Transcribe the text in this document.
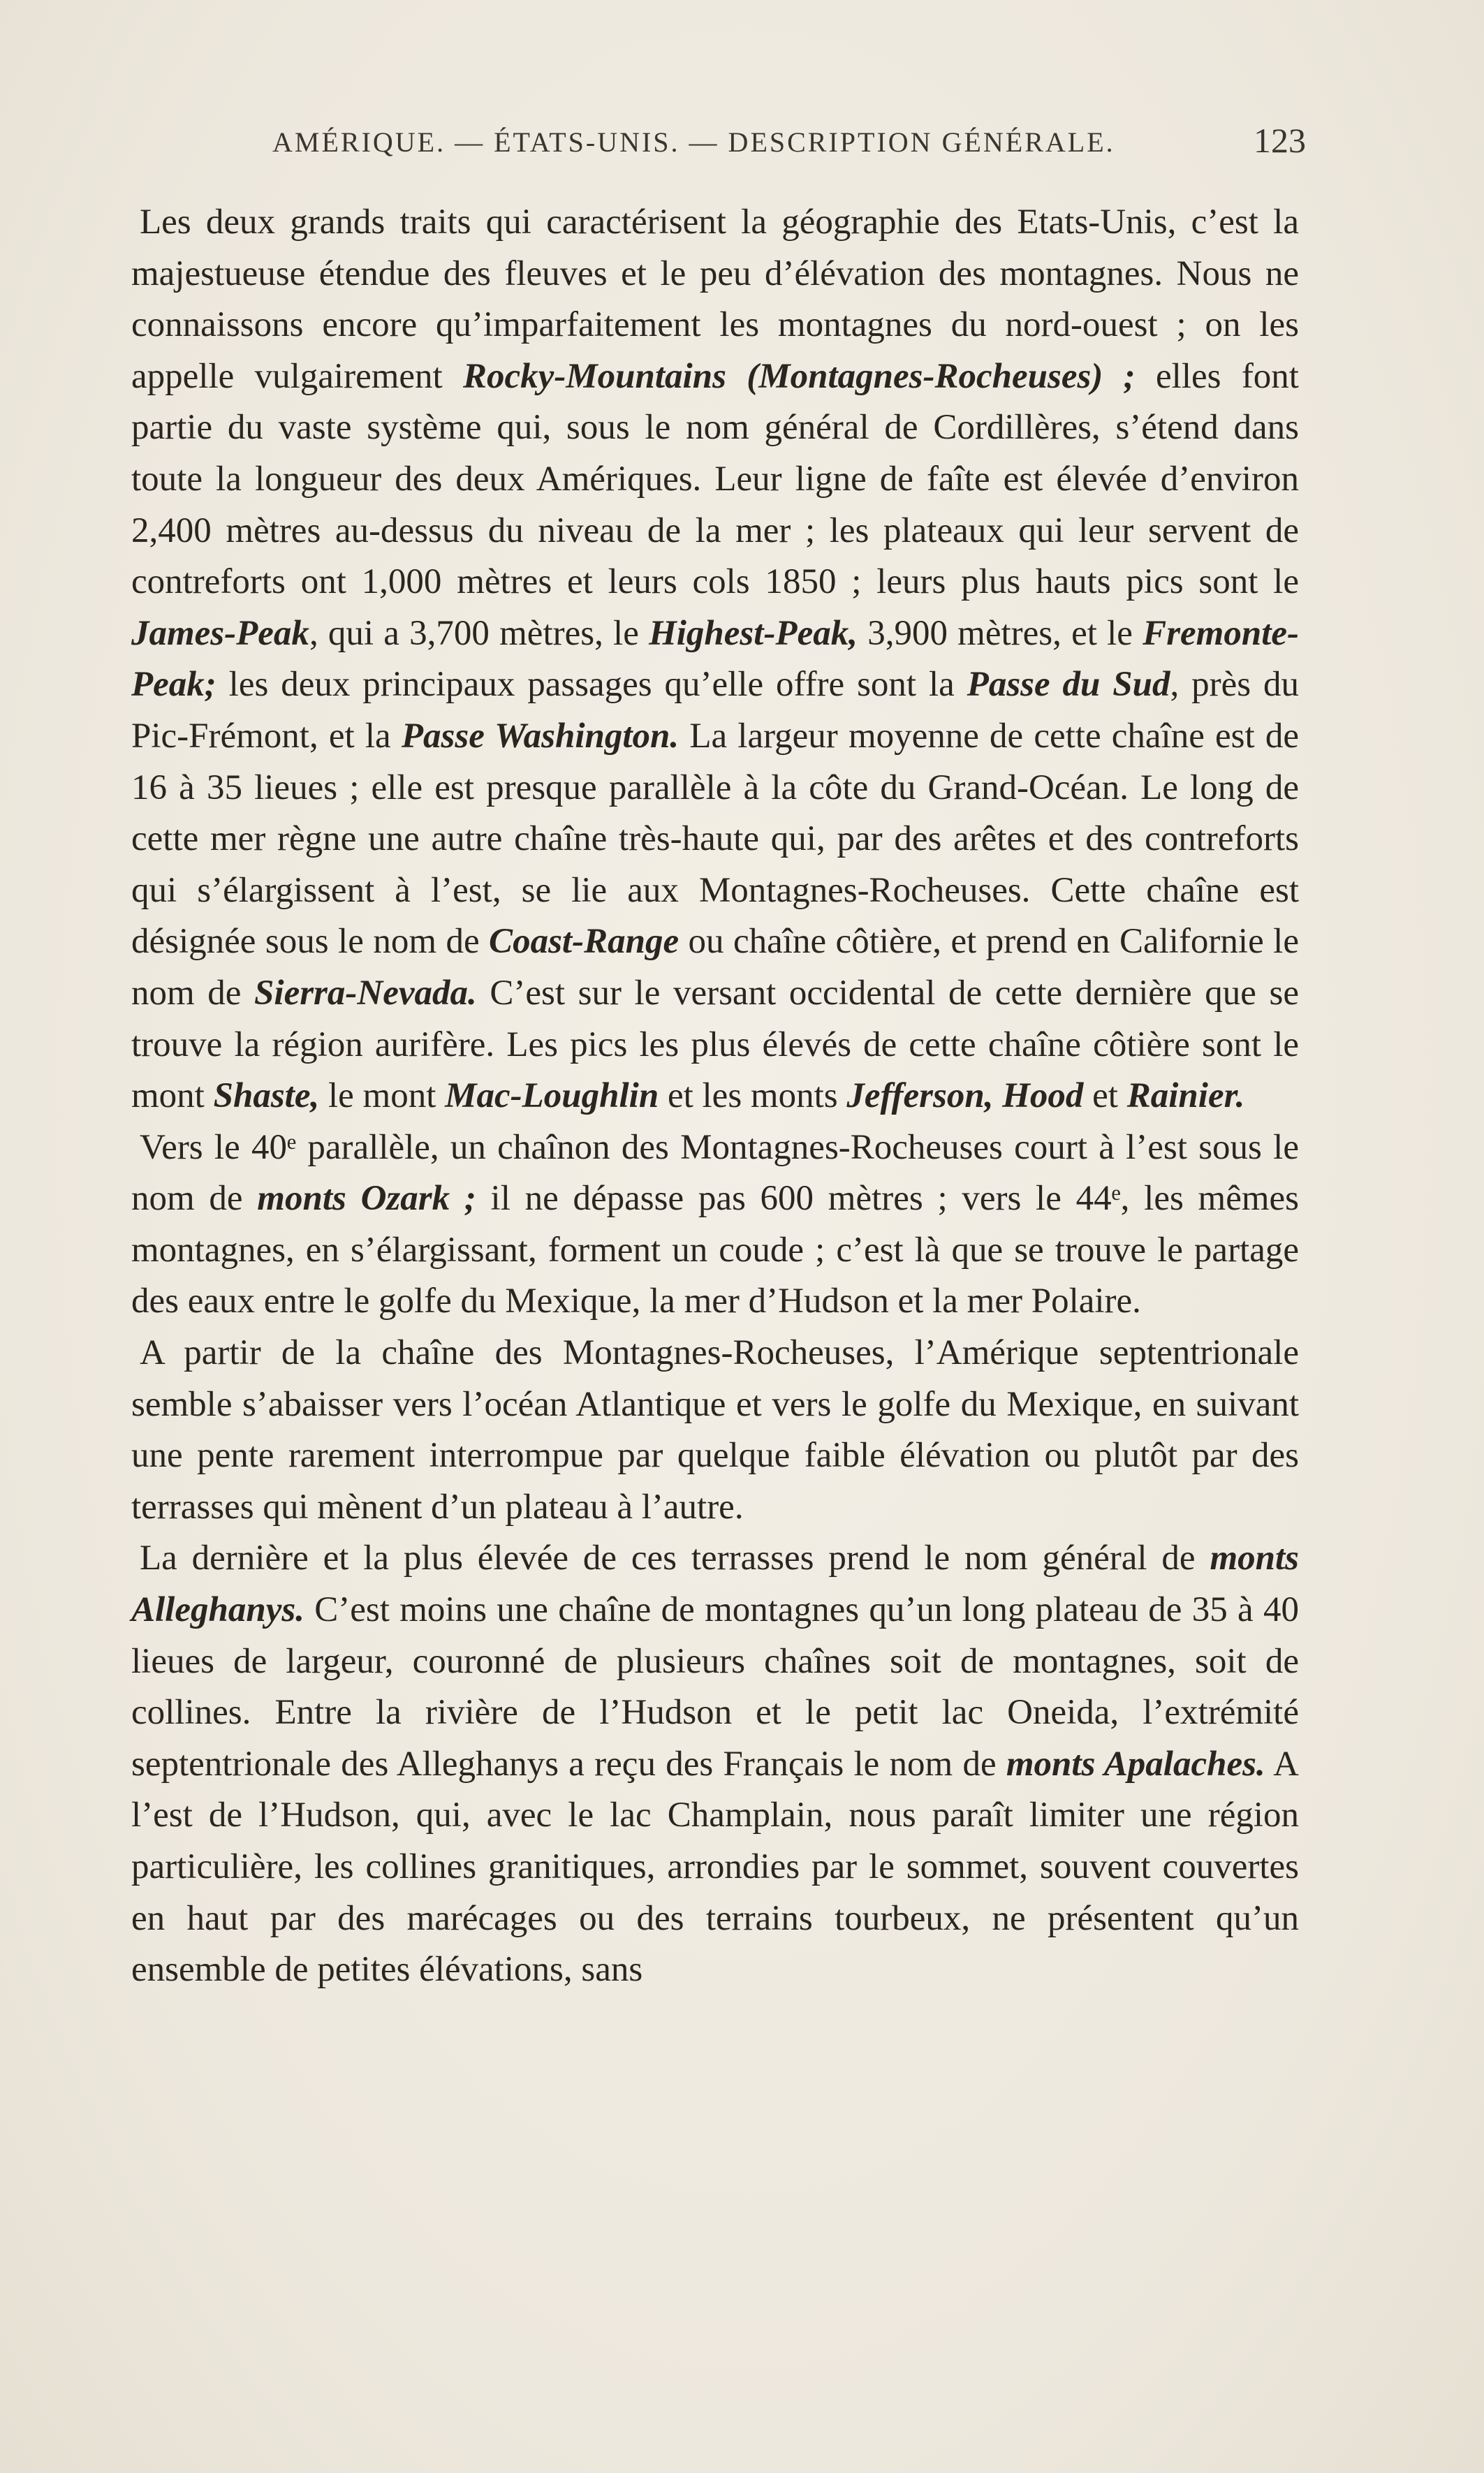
AMÉRIQUE. — ÉTATS-UNIS. — DESCRIPTION GÉNÉRALE.	123

Les deux grands traits qui caractérisent la géographie des Etats-Unis, c’est la majestueuse étendue des fleuves et le peu d’élévation des montagnes. Nous ne connaissons encore qu’imparfaitement les montagnes du nord-ouest ; on les appelle vulgairement Rocky-Mountains (Montagnes-Rocheuses) ; elles font partie du vaste système qui, sous le nom général de Cordillères, s’étend dans toute la longueur des deux Amériques. Leur ligne de faîte est élevée d’environ 2,400 mètres au-dessus du niveau de la mer ; les plateaux qui leur servent de contreforts ont 1,000 mètres et leurs cols 1850 ; leurs plus hauts pics sont le James-Peak, qui a 3,700 mètres, le Highest-Peak, 3,900 mètres, et le Fremonte-Peak; les deux principaux passages qu’elle offre sont la Passe du Sud, près du Pic-Frémont, et la Passe Washington. La largeur moyenne de cette chaîne est de 16 à 35 lieues ; elle est presque parallèle à la côte du Grand-Océan. Le long de cette mer règne une autre chaîne très-haute qui, par des arêtes et des contreforts qui s’élargissent à l’est, se lie aux Montagnes-Rocheuses. Cette chaîne est désignée sous le nom de Coast-Range ou chaîne côtière, et prend en Californie le nom de Sierra-Nevada. C’est sur le versant occidental de cette dernière que se trouve la région aurifère. Les pics les plus élevés de cette chaîne côtière sont le mont Shaste, le mont Mac-Loughlin et les monts Jefferson, Hood et Rainier.

Vers le 40ᵉ parallèle, un chaînon des Montagnes-Rocheuses court à l’est sous le nom de monts Ozark ; il ne dépasse pas 600 mètres ; vers le 44ᵉ, les mêmes montagnes, en s’élargissant, forment un coude ; c’est là que se trouve le partage des eaux entre le golfe du Mexique, la mer d’Hudson et la mer Polaire.

A partir de la chaîne des Montagnes-Rocheuses, l’Amérique septentrionale semble s’abaisser vers l’océan Atlantique et vers le golfe du Mexique, en suivant une pente rarement interrompue par quelque faible élévation ou plutôt par des terrasses qui mènent d’un plateau à l’autre.

La dernière et la plus élevée de ces terrasses prend le nom général de monts Alleghanys. C’est moins une chaîne de montagnes qu’un long plateau de 35 à 40 lieues de largeur, couronné de plusieurs chaînes soit de montagnes, soit de collines. Entre la rivière de l’Hudson et le petit lac Oneida, l’extrémité septentrionale des Alleghanys a reçu des Français le nom de monts Apalaches. A l’est de l’Hudson, qui, avec le lac Champlain, nous paraît limiter une région particulière, les collines granitiques, arrondies par le sommet, souvent couvertes en haut par des marécages ou des terrains tourbeux, ne présentent qu’un ensemble de petites élévations, sans
